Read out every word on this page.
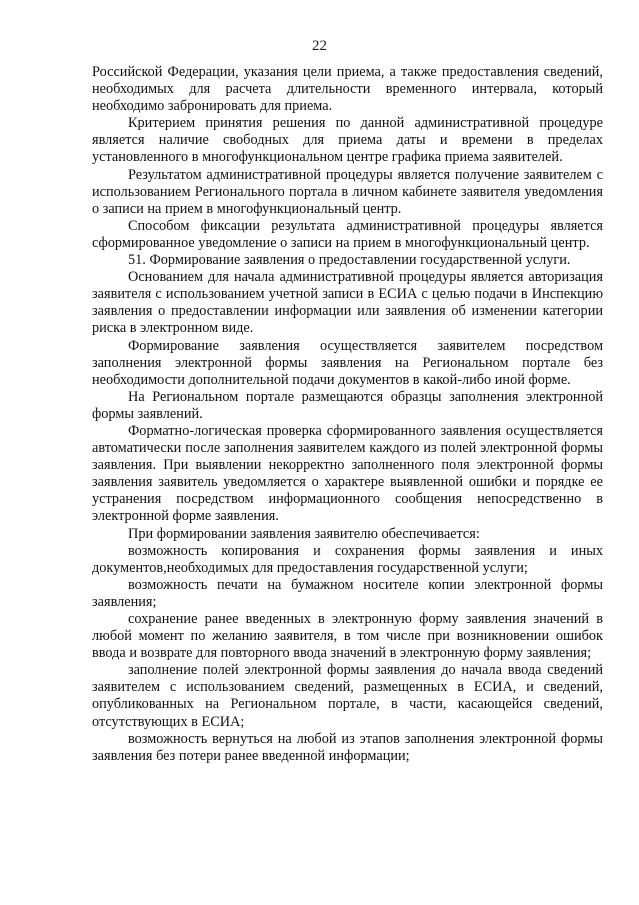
22

Российской Федерации, указания цели приема, а также предоставления сведений, необходимых для расчета длительности временного интервала, который необходимо забронировать для приема.

Критерием принятия решения по данной административной процедуре является наличие свободных для приема даты и времени в пределах установленного в многофункциональном центре графика приема заявителей.

Результатом административной процедуры является получение заявителем с использованием Регионального портала в личном кабинете заявителя уведомления о записи на прием в многофункциональный центр.

Способом фиксации результата административной процедуры является сформированное уведомление о записи на прием в многофункциональный центр.

51. Формирование заявления о предоставлении государственной услуги.

Основанием для начала административной процедуры является авторизация заявителя с использованием учетной записи в ЕСИА с целью подачи в Инспекцию заявления о предоставлении информации или заявления об изменении категории риска в электронном виде.

Формирование заявления осуществляется заявителем посредством заполнения электронной формы заявления на Региональном портале без необходимости дополнительной подачи документов в какой-либо иной форме.

На Региональном портале размещаются образцы заполнения электронной формы заявлений.

Форматно-логическая проверка сформированного заявления осуществляется автоматически после заполнения заявителем каждого из полей электронной формы заявления. При выявлении некорректно заполненного поля электронной формы заявления заявитель уведомляется о характере выявленной ошибки и порядке ее устранения посредством информационного сообщения непосредственно в электронной форме заявления.

При формировании заявления заявителю обеспечивается:

возможность копирования и сохранения формы заявления и иных документов,необходимых для предоставления государственной услуги;

возможность печати на бумажном носителе копии электронной формы заявления;

сохранение ранее введенных в электронную форму заявления значений в любой момент по желанию заявителя, в том числе при возникновении ошибок ввода и возврате для повторного ввода значений в электронную форму заявления;

заполнение полей электронной формы заявления до начала ввода сведений заявителем с использованием сведений, размещенных в ЕСИА, и сведений, опубликованных на Региональном портале, в части, касающейся сведений, отсутствующих в ЕСИА;

возможность вернуться на любой из этапов заполнения электронной формы заявления без потери ранее введенной информации;
